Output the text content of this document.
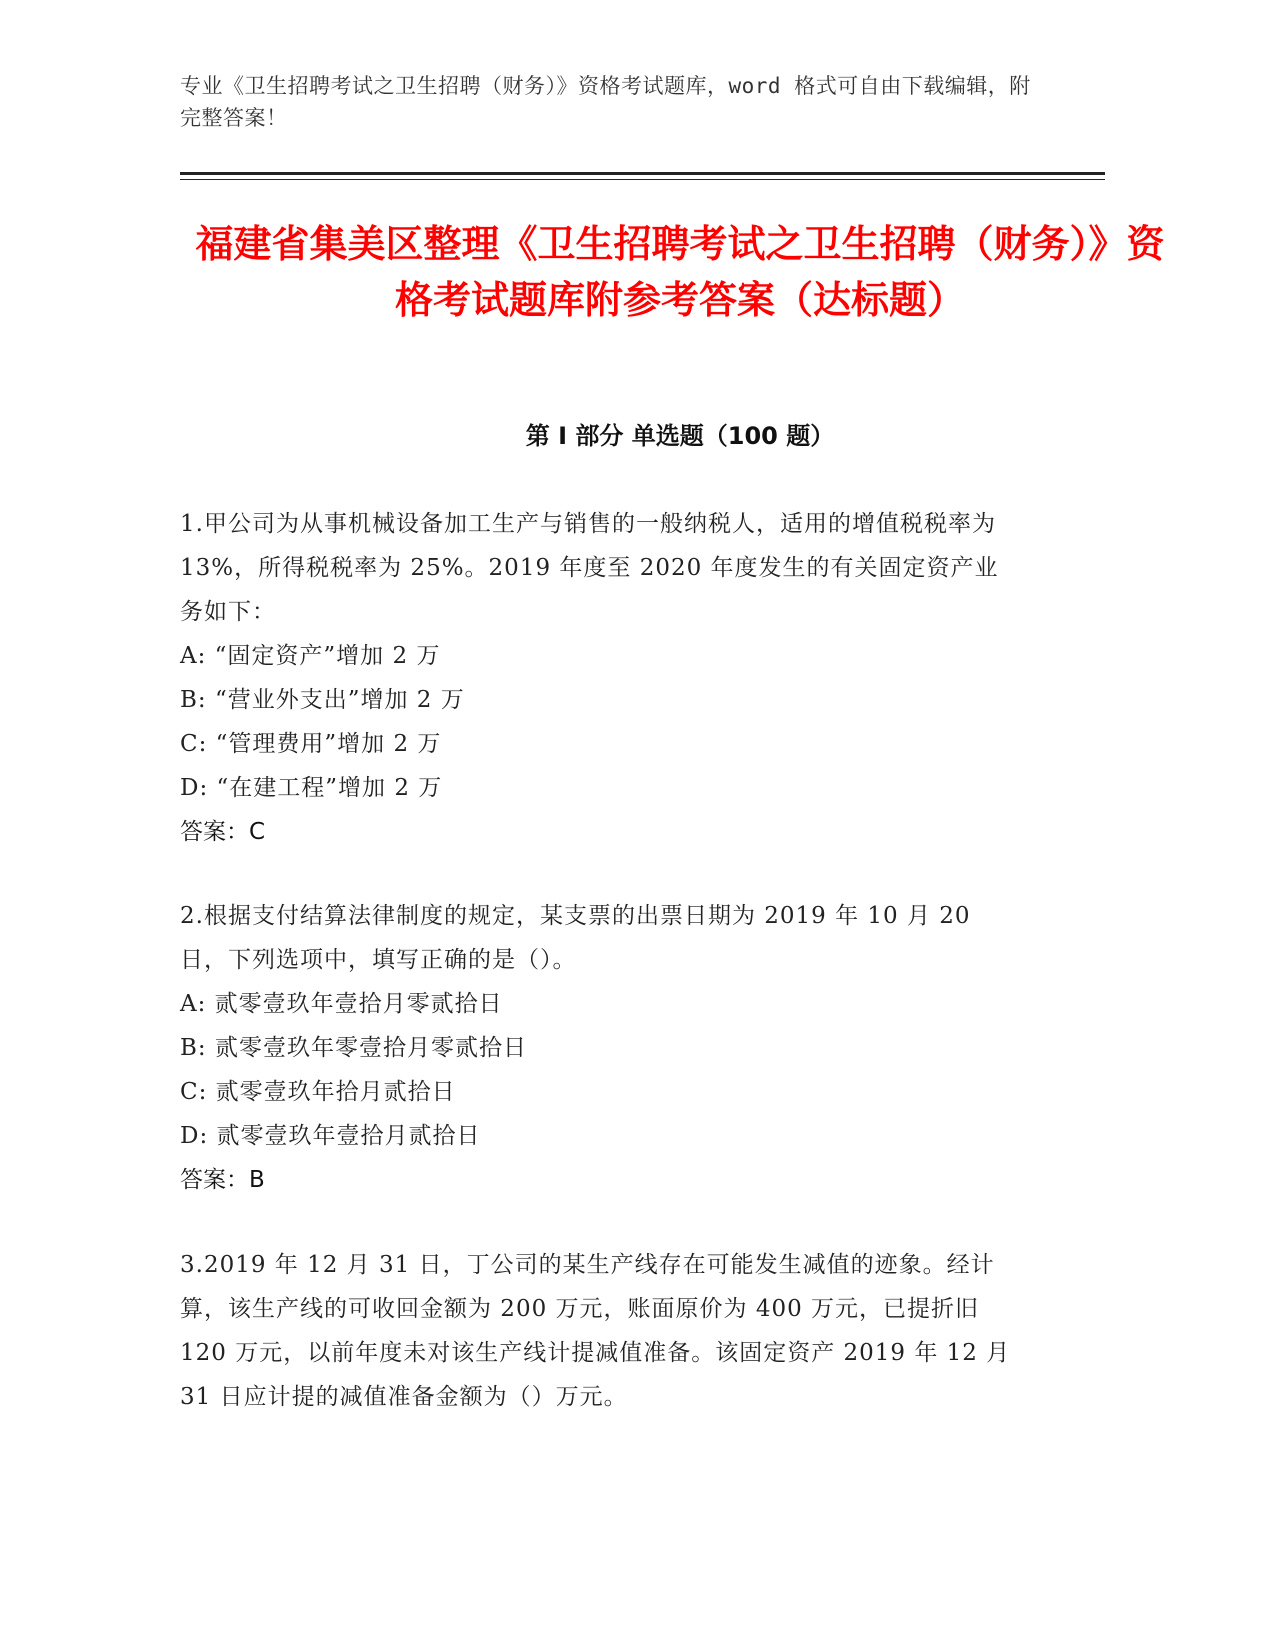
专业《卫生招聘考试之卫生招聘（财务）》资格考试题库，word 格式可自由下载编辑，附完整答案！
福建省集美区整理《卫生招聘考试之卫生招聘（财务）》资格考试题库附参考答案（达标题）
第 I 部分 单选题（100 题）

1.甲公司为从事机械设备加工生产与销售的一般纳税人，适用的增值税税率为 13%，所得税税率为 25%。2019 年度至 2020 年度发生的有关固定资产业务如下：

A: “固定资产”增加 2 万

B: “营业外支出”增加 2 万

C: “管理费用”增加 2 万

D: “在建工程”增加 2 万

答案：C

2.根据支付结算法律制度的规定，某支票的出票日期为 2019 年 10 月 20 日，下列选项中，填写正确的是（）。

A: 贰零壹玖年壹拾月零贰拾日

B: 贰零壹玖年零壹拾月零贰拾日

C: 贰零壹玖年拾月贰拾日

D: 贰零壹玖年壹拾月贰拾日

答案：B

3.2019 年 12 月 31 日，丁公司的某生产线存在可能发生减值的迹象。经计算，该生产线的可收回金额为 200 万元，账面原价为 400 万元，已提折旧 120 万元，以前年度未对该生产线计提减值准备。该固定资产 2019 年 12 月 31 日应计提的减值准备金额为（）万元。
